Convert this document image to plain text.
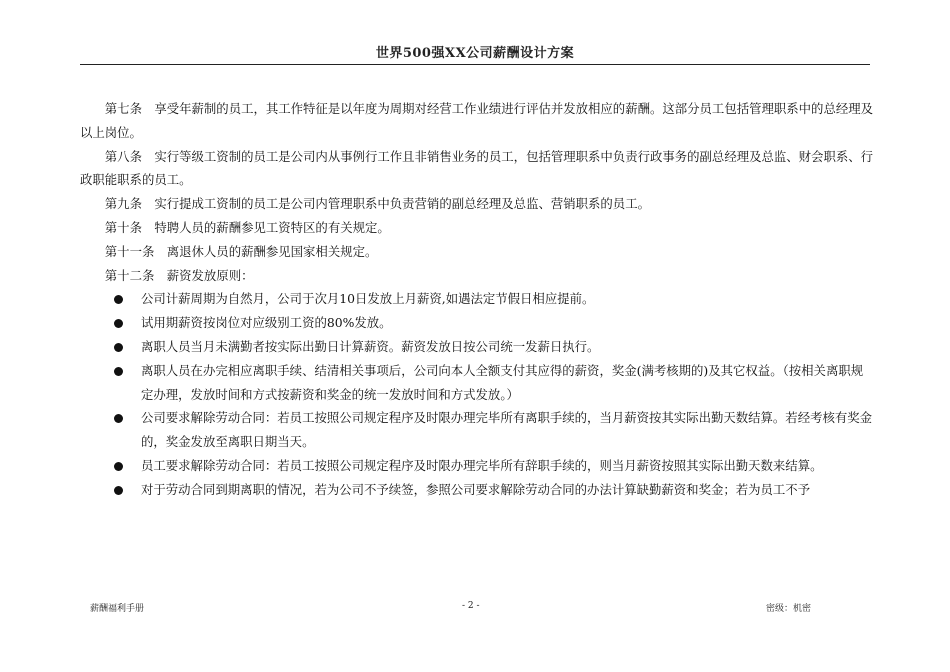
世界500强XX公司薪酬设计方案

第七条　享受年薪制的员工，其工作特征是以年度为周期对经营工作业绩进行评估并发放相应的薪酬。这部分员工包括管理职系中的总经理及以上岗位。

第八条　实行等级工资制的员工是公司内从事例行工作且非销售业务的员工，包括管理职系中负责行政事务的副总经理及总监、财会职系、行政职能职系的员工。

第九条　实行提成工资制的员工是公司内管理职系中负责营销的副总经理及总监、营销职系的员工。

第十条　特聘人员的薪酬参见工资特区的有关规定。

第十一条　离退休人员的薪酬参见国家相关规定。

第十二条　薪资发放原则：

公司计薪周期为自然月，公司于次月10日发放上月薪资,如遇法定节假日相应提前。
试用期薪资按岗位对应级别工资的80%发放。
离职人员当月未满勤者按实际出勤日计算薪资。薪资发放日按公司统一发薪日执行。
离职人员在办完相应离职手续、结清相关事项后，公司向本人全额支付其应得的薪资，奖金(满考核期的)及其它权益。（按相关离职规定办理，发放时间和方式按薪资和奖金的统一发放时间和方式发放。）
公司要求解除劳动合同：若员工按照公司规定程序及时限办理完毕所有离职手续的，当月薪资按其实际出勤天数结算。若经考核有奖金的，奖金发放至离职日期当天。
员工要求解除劳动合同：若员工按照公司规定程序及时限办理完毕所有辞职手续的，则当月薪资按照其实际出勤天数来结算。
对于劳动合同到期离职的情况，若为公司不予续签，参照公司要求解除劳动合同的办法计算缺勤薪资和奖金；若为员工不予
薪酬福利手册	- 2 -	密级：机密
